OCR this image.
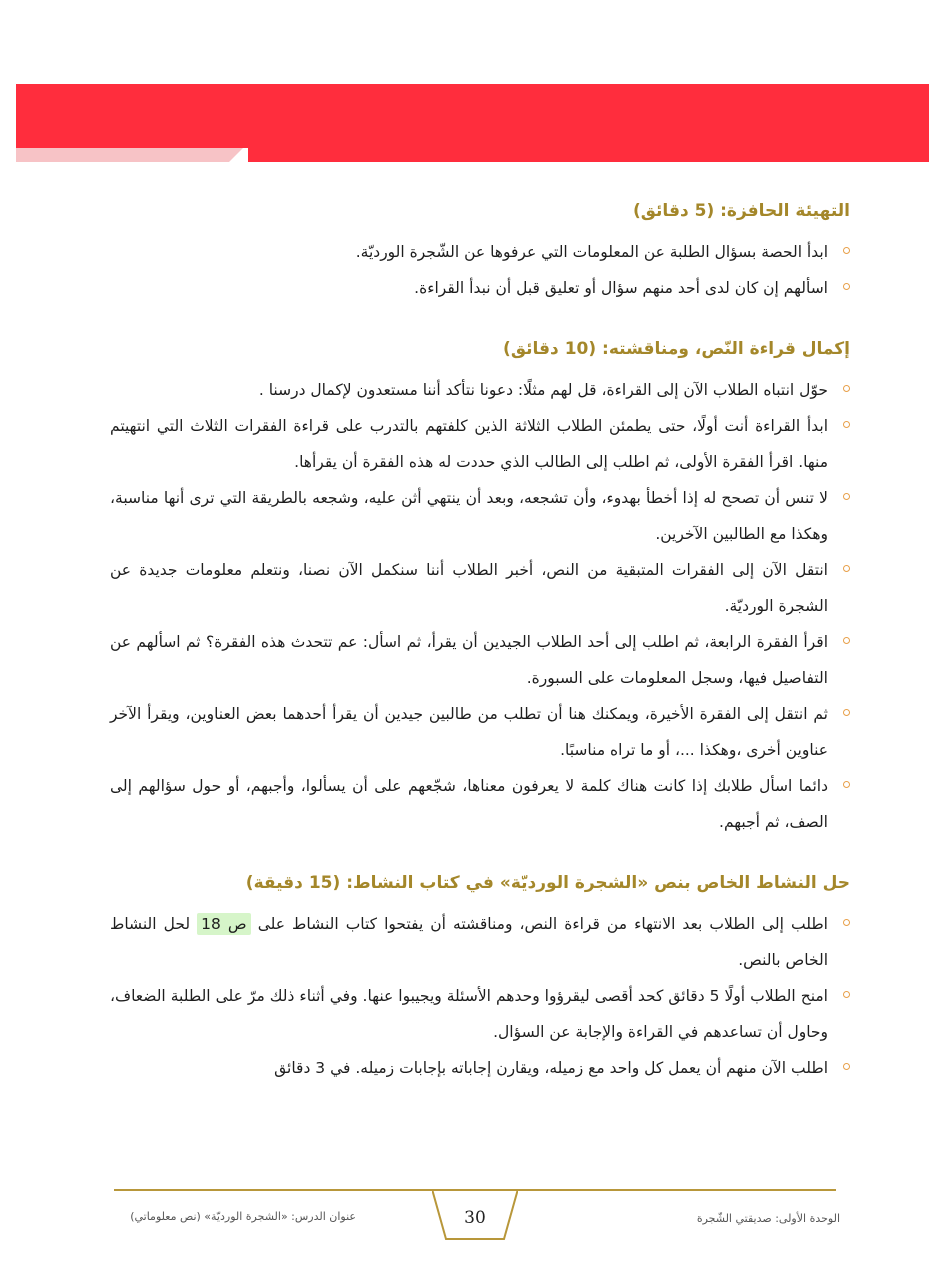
التهيئة الحافزة: (5 دقائق)
ابدأ الحصة بسؤال الطلبة عن المعلومات التي عرفوها عن الشّجرة الورديّة.
اسألهم إن كان لدى أحد منهم سؤال أو تعليق قبل أن نبدأ القراءة.
إكمال قراءة النّص، ومناقشته: (10 دقائق)
حوّل انتباه الطلاب الآن إلى القراءة، قل لهم مثلًا: دعونا نتأكد أننا مستعدون لإكمال درسنا .
ابدأ القراءة أنت أولًا، حتى يطمئن الطلاب الثلاثة الذين كلفتهم بالتدرب على قراءة الفقرات الثلاث التي انتهيتم منها. اقرأ الفقرة الأولى، ثم اطلب إلى الطالب الذي حددت له هذه الفقرة أن يقرأها.
لا تنس أن تصحح له إذا أخطأ بهدوء، وأن تشجعه، وبعد أن ينتهي أثن عليه، وشجعه بالطريقة التي ترى أنها مناسبة، وهكذا مع الطالبين الآخرين.
انتقل الآن إلى الفقرات المتبقية من النص، أخبر الطلاب أننا سنكمل الآن نصنا، ونتعلم معلومات جديدة عن الشجرة الورديّة.
اقرأ الفقرة الرابعة، ثم اطلب إلى أحد الطلاب الجيدين أن يقرأ، ثم اسأل: عم تتحدث هذه الفقرة؟ ثم اسألهم عن التفاصيل فيها، وسجل المعلومات على السبورة.
ثم انتقل إلى الفقرة الأخيرة، ويمكنك هنا أن تطلب من طالبين جيدين أن يقرأ أحدهما بعض العناوين، ويقرأ الآخر عناوين أخرى ،وهكذا ...، أو ما تراه مناسبًا.
دائما اسأل طلابك إذا كانت هناك كلمة لا يعرفون معناها، شجّعهم على أن يسألوا، وأجبهم، أو حول سؤالهم إلى الصف، ثم أجبهم.
حل النشاط الخاص بنص «الشجرة الورديّة» في كتاب النشاط: (15 دقيقة)
اطلب إلى الطلاب بعد الانتهاء من قراءة النص، ومناقشته أن يفتحوا كتاب النشاط على ص 18 لحل النشاط الخاص بالنص.
امنح الطلاب أولًا 5 دقائق كحد أقصى ليقرؤوا وحدهم الأسئلة ويجيبوا عنها. وفي أثناء ذلك مرّ على الطلبة الضعاف، وحاول أن تساعدهم في القراءة والإجابة عن السؤال.
اطلب الآن منهم أن يعمل كل واحد مع زميله، ويقارن إجاباته بإجابات زميله. في 3 دقائق
30
عنوان الدرس: «الشجرة الورديّة» (نص معلوماتي)	الوحدة الأولى: صديقتي الشّجرة
